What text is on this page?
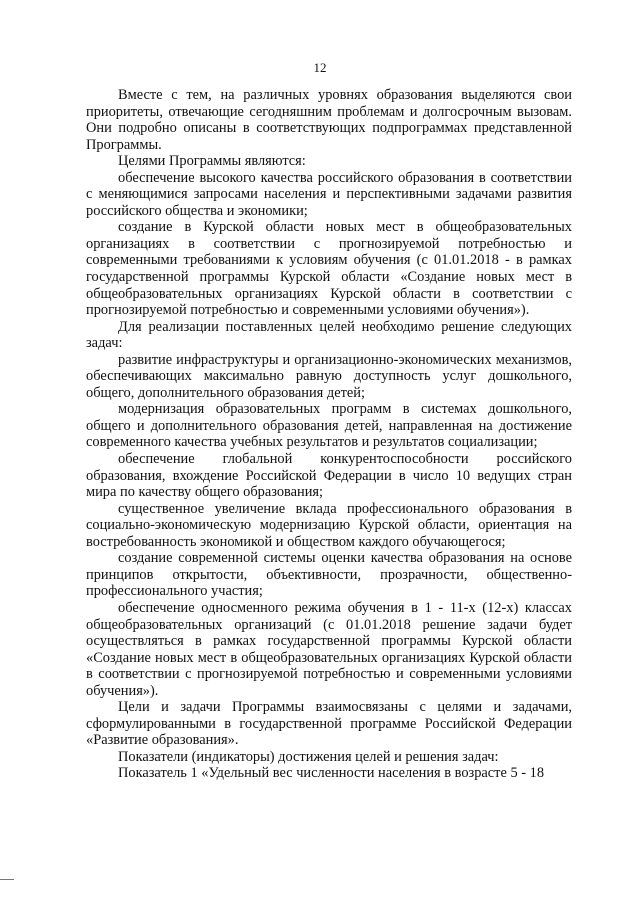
12

Вместе с тем, на различных уровнях образования выделяются свои приоритеты, отвечающие сегодняшним проблемам и долгосрочным вызовам. Они подробно описаны в соответствующих подпрограммах представленной Программы.

Целями Программы являются:

обеспечение высокого качества российского образования в соответствии с меняющимися запросами населения и перспективными задачами развития российского общества и экономики;

создание в Курской области новых мест в общеобразовательных организациях в соответствии с прогнозируемой потребностью и современными требованиями к условиям обучения (с 01.01.2018 - в рамках государственной программы Курской области «Создание новых мест в общеобразовательных организациях Курской области в соответствии с прогнозируемой потребностью и современными условиями обучения»).

Для реализации поставленных целей необходимо решение следующих задач:

развитие инфраструктуры и организационно-экономических механизмов, обеспечивающих максимально равную доступность услуг дошкольного, общего, дополнительного образования детей;

модернизация образовательных программ в системах дошкольного, общего и дополнительного образования детей, направленная на достижение современного качества учебных результатов и результатов социализации;

обеспечение глобальной конкурентоспособности российского образования, вхождение Российской Федерации в число 10 ведущих стран мира по качеству общего образования;

существенное увеличение вклада профессионального образования в социально-экономическую модернизацию Курской области, ориентация на востребованность экономикой и обществом каждого обучающегося;

создание современной системы оценки качества образования на основе принципов открытости, объективности, прозрачности, общественно-профессионального участия;

обеспечение односменного режима обучения в 1 - 11-х (12-х) классах общеобразовательных организаций (с 01.01.2018 решение задачи будет осуществляться в рамках государственной программы Курской области «Создание новых мест в общеобразовательных организациях Курской области в соответствии с прогнозируемой потребностью и современными условиями обучения»).

Цели и задачи Программы взаимосвязаны с целями и задачами, сформулированными в государственной программе Российской Федерации «Развитие образования».

Показатели (индикаторы) достижения целей и решения задач:

Показатель 1 «Удельный вес численности населения в возрасте 5 - 18
